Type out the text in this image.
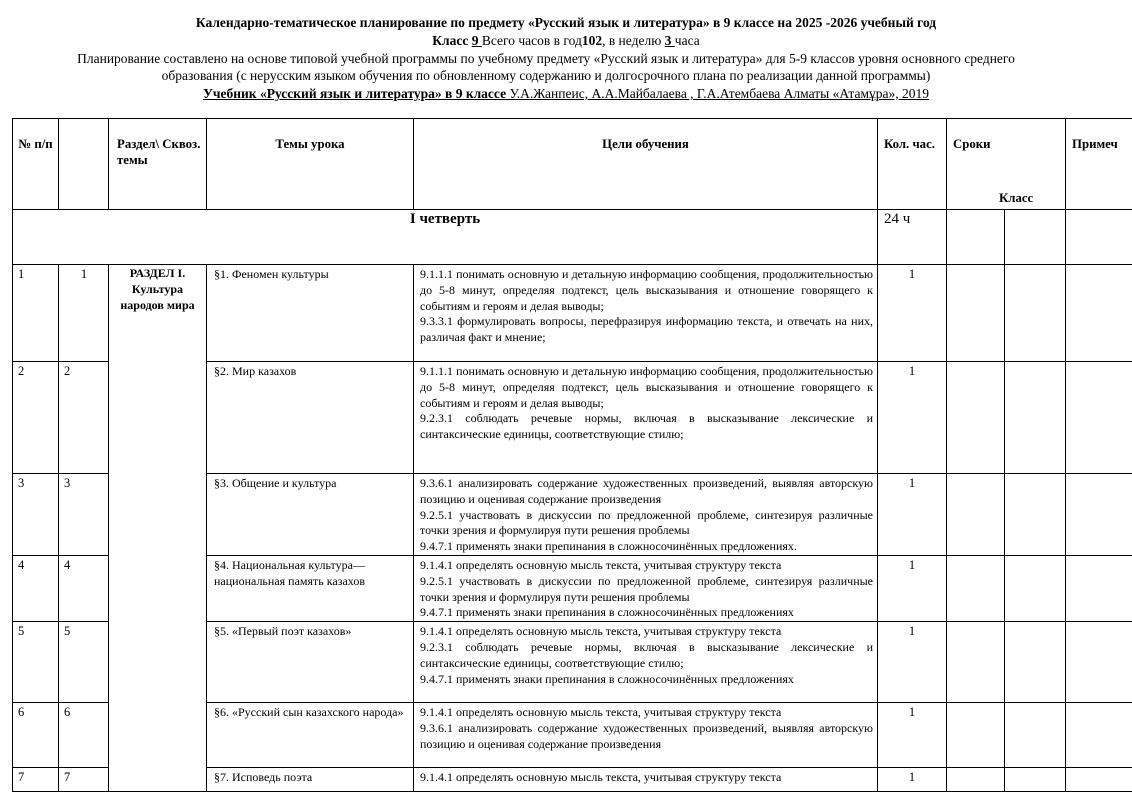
Календарно-тематическое планирование по предмету «Русский язык и литература» в 9 классе на 2025 -2026 учебный год
Класс 9 Всего часов в год102, в неделю 3 часа
Планирование составлено на основе типовой учебной программы по учебному предмету «Русский язык и литература» для 5-9 классов уровня основного среднего
образования (с нерусским языком обучения по обновленному содержанию и долгосрочного плана по реализации данной программы)
Учебник «Русский язык и литература» в 9 классе У.А.Жанпеис, А.А.Майбалаева , Г.А.Атембаева Алматы «Атамұра», 2019
№ п/п		Раздел\ Сквоз. темы	Темы урока	Цели обучения	Кол. час.	Сроки
Класс		Примеч
I четверть					24 ч			
1	1	РАЗДЕЛ I. Культура народов мира	§1. Феномен культуры	9.1.1.1 понимать основную и детальную информацию сообщения, продолжительностью до 5-8 минут, определяя подтекст, цель высказывания и отношение говорящего к событиям и героям и делая выводы;
9.3.3.1 формулировать вопросы, перефразируя информацию текста, и отвечать на них, различая факт и мнение;	1			
2	2		§2. Мир казахов	9.1.1.1 понимать основную и детальную информацию сообщения, продолжительностью до 5-8 минут, определяя подтекст, цель высказывания и отношение говорящего к событиям и героям и делая выводы;
9.2.3.1 соблюдать речевые нормы, включая в высказывание лексические и синтаксические единицы, соответствующие стилю;	1			
3	3		§3. Общение и культура	9.3.6.1 анализировать содержание художественных произведений, выявляя авторскую позицию и оценивая содержание произведения
9.2.5.1 участвовать в дискуссии по предложенной проблеме, синтезируя различные точки зрения и формулируя пути решения проблемы
9.4.7.1 применять знаки препинания в сложносочинённых предложениях.	1			
4	4		§4. Национальная культура— национальная память казахов	9.1.4.1 определять основную мысль текста, учитывая структуру текста
9.2.5.1 участвовать в дискуссии по предложенной проблеме, синтезируя различные точки зрения и формулируя пути решения проблемы
9.4.7.1 применять знаки препинания в сложносочинённых предложениях	1			
5	5		§5. «Первый поэт казахов»	9.1.4.1 определять основную мысль текста, учитывая структуру текста
9.2.3.1 соблюдать речевые нормы, включая в высказывание лексические и синтаксические единицы, соответствующие стилю;
9.4.7.1 применять знаки препинания в сложносочинённых предложениях	1			
6	6		§6. «Русский сын казахского народа»	9.1.4.1 определять основную мысль текста, учитывая структуру текста
9.3.6.1 анализировать содержание художественных произведений, выявляя авторскую позицию и оценивая содержание произведения	1			
7	7		§7. Исповедь поэта	9.1.4.1 определять основную мысль текста, учитывая структуру текста	1			
